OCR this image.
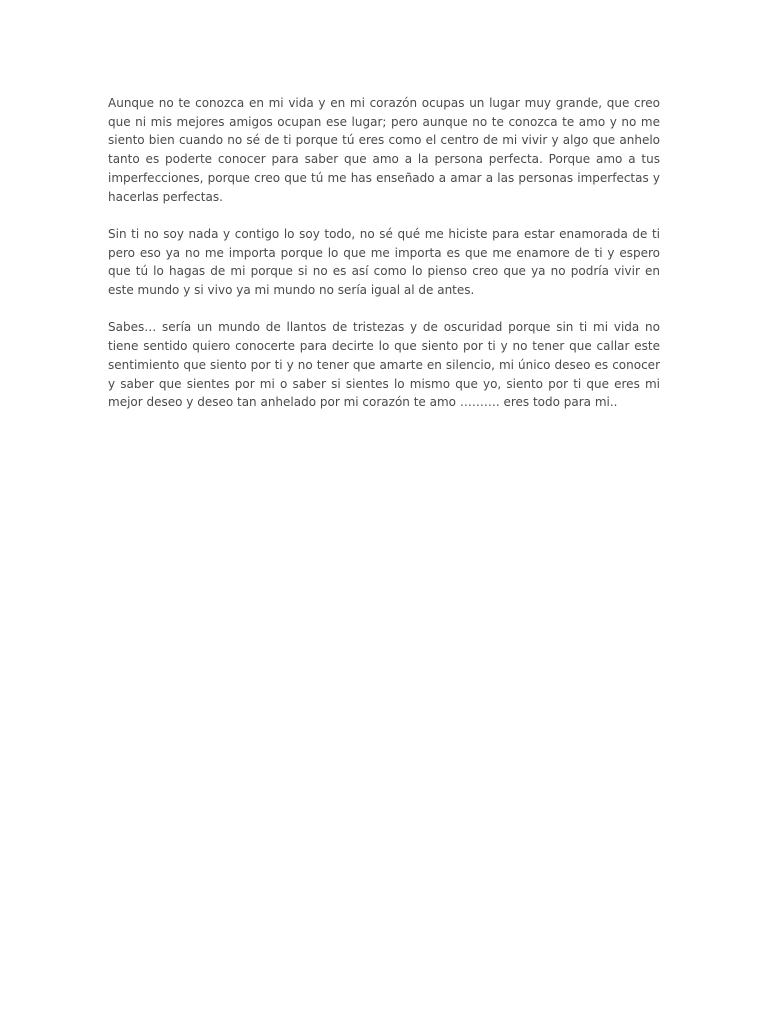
Aunque no te conozca en mi vida y en mi corazón ocupas un lugar muy grande, que creo que ni mis mejores amigos ocupan ese lugar; pero aunque no te conozca te amo y no me siento bien cuando no sé de ti porque tú eres como el centro de mi vivir y algo que anhelo tanto es poderte conocer para saber que amo a la persona perfecta. Porque amo a tus imperfecciones, porque creo que tú me has enseñado a amar a las personas imperfectas y hacerlas perfectas.

Sin ti no soy nada y contigo lo soy todo, no sé qué me hiciste para estar enamorada de ti pero eso ya no me importa porque lo que me importa es que me enamore de ti y espero que tú lo hagas de mi porque si no es así como lo pienso creo que ya no podría vivir en este mundo y si vivo ya mi mundo no sería igual al de antes.

Sabes… sería un mundo de llantos de tristezas y de oscuridad porque sin ti mi vida no tiene sentido quiero conocerte para decirte lo que siento por ti y no tener que callar este sentimiento que siento por ti y no tener que amarte en silencio, mi único deseo es conocer y saber que sientes por mi o saber si sientes lo mismo que yo, siento por ti que eres mi mejor deseo y deseo tan anhelado por mi corazón te amo ………. eres todo para mi..
